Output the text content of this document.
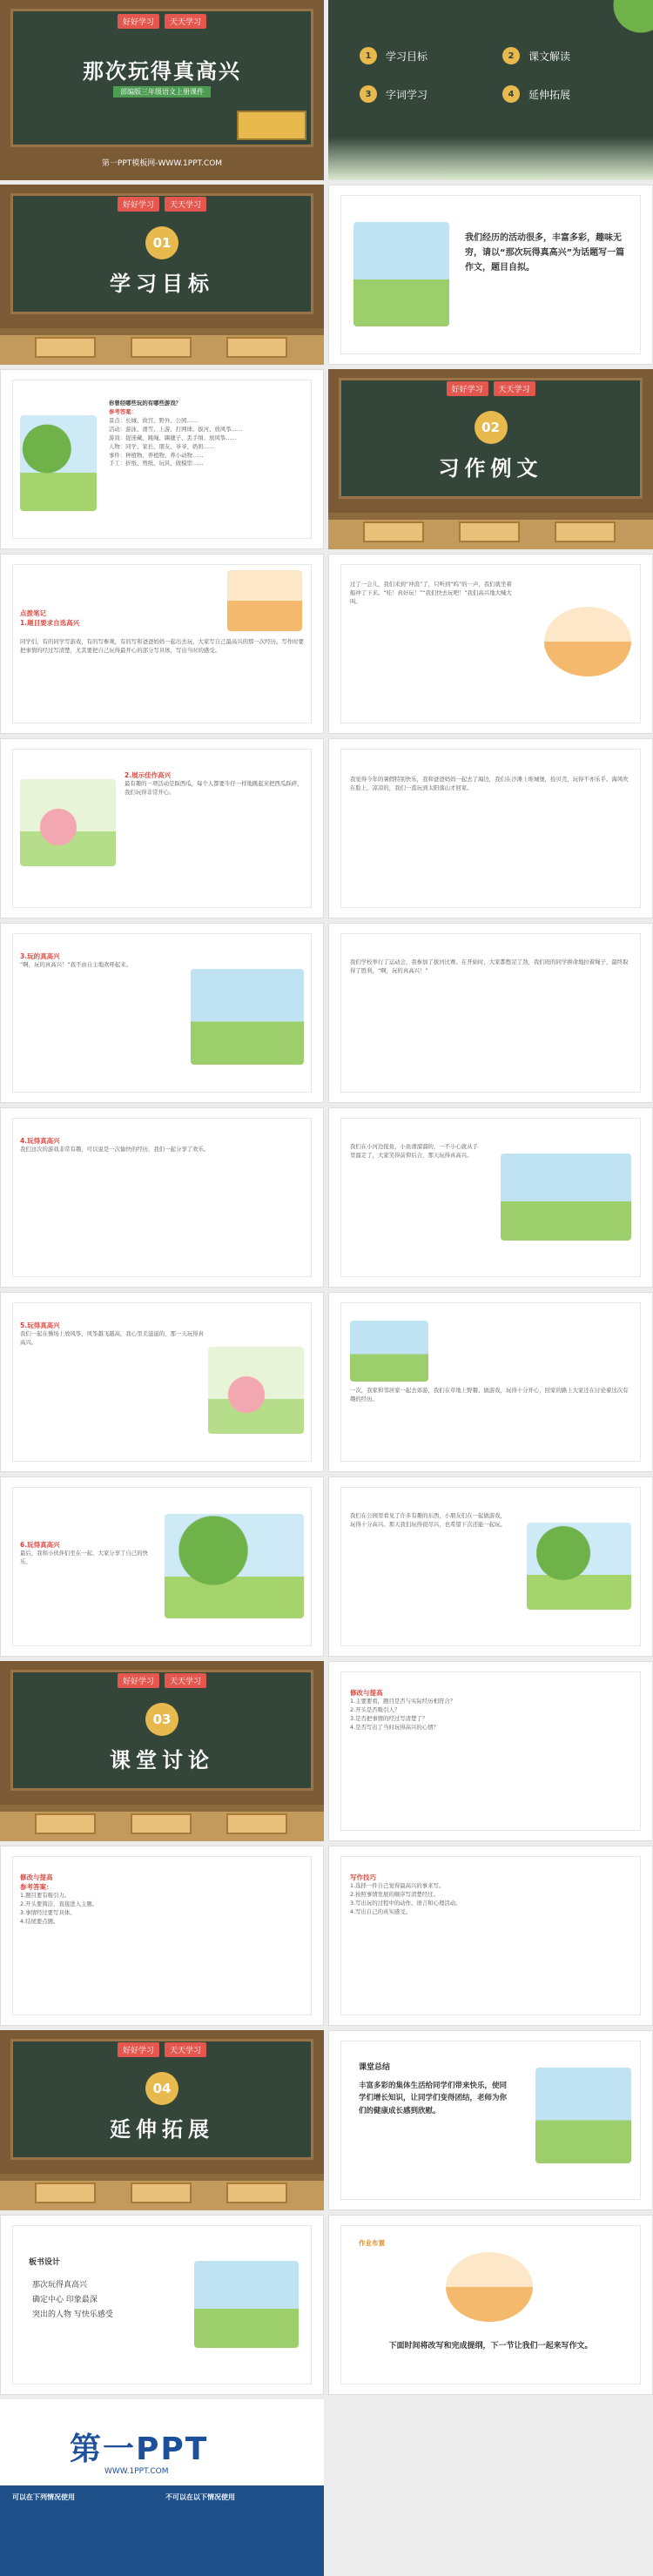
好好学习	天天学习
那次玩得真高兴
部编版三年级语文上册课件
第一PPT模板网-WWW.1PPT.COM
1	学习目标	2	课文解读
3	字词学习	4	延伸拓展
好好学习	天天学习
01
学习目标
我们经历的活动很多，丰富多彩，趣味无穷，请以“那次玩得真高兴”为话题写一篇作文，题目自拟。
你曾经哪些玩的有哪些游戏？
参考答案：
景点：长城、故宫、野外、公园……
活动：游泳、滑雪、上游、打网球、拔河、放风筝……
游戏：捉迷藏、跳绳、踢毽子、丢手绢、放风筝……
人物：同学、家长、朋友、爷爷、奶奶……
事件：种植物、养植物、养小动物……
手工：折纸、剪纸、玩具、做模型……
好好学习	天天学习
02
习作例文
点拨笔记
1.题目要求自选高兴
同学们，有的同学写游戏，有的写参观，有的写和爸爸妈妈一起出去玩，大家写自己最高兴的那一次经历。写作时要把事情的经过写清楚，尤其要把自己玩得最开心的部分写具体，写出当时的感受。
过了一会儿，我们来到“冲浪”了，只听到“呜”的一声，我们就坐着船冲了下来。“哇！真好玩！”“我们快去玩吧！”我们高兴地大喊大叫。
2.展示佳作高兴
最有趣的一项活动是踩西瓜，每个人都要牛仔一样地跳起来把西瓜踩碎，我们玩得非常开心。
我觉得今年的暑假特别快乐，我和爸爸妈妈一起去了海边，我们在沙滩上堆城堡，捡贝壳，玩得不亦乐乎。海风吹在脸上，凉凉的，我们一直玩到太阳落山才回家。
3.玩的真高兴
“啊，玩的真高兴！”我不由自主地欢呼起来。	我们学校举行了运动会，我参加了拔河比赛。在开始时，大家都憋足了劲，我们班的同学拼命地拉着绳子，最终取得了胜利，“啊，玩的真高兴！”
4.玩得真高兴
我们这次的游戏非常有趣，可以说是一次愉快的经历，我们一起分享了欢乐。	我们在小河边捉鱼，小鱼滑溜溜的，一不小心就从手里溜走了，大家笑得前仰后合，那天玩得真高兴。
5.玩得真高兴
我们一起在操场上放风筝，风筝越飞越高，我心里美滋滋的，那一天玩得真高兴。
一次，我家和邻居家一起去郊游，我们在草地上野餐、做游戏，玩得十分开心，回家的路上大家还在讨论着这次有趣的经历。
6.玩得真高兴
最后，我和小伙伴们坐在一起，大家分享了自己的快乐。
我们在公园里看见了许多有趣的东西，小朋友们在一起做游戏，玩得十分高兴。那天我们玩得很尽兴，也希望下次还能一起玩。
好好学习	天天学习
03
课堂讨论
修改与提高
1.主要要看，题目是否与实际经历相符合？
2.开头是否吸引人？
3.是否把事情的经过写清楚了？
4.是否写出了当时玩得高兴的心情？
修改与提高
参考答案：
1.题目要有吸引力。
2.开头要简洁，直接进入主题。
3.事情经过要写具体。
4.结尾要点题。
写作技巧
1.选择一件自己觉得最高兴的事来写。
2.按照事情发展的顺序写清楚经过。
3.写出玩的过程中的动作、语言和心理活动。
4.写出自己的真实感受。
好好学习	天天学习
04
延伸拓展
课堂总结
丰富多彩的集体生活给同学们带来快乐，使同学们增长知识，让同学们变得团结，老师为你们的健康成长感到欣慰。
板书设计
那次玩得真高兴
确定中心 印象最深
突出的人物 写快乐感受
作业布置
下面时间将改写和完成提纲，下一节让我们一起来写作文。
第一PPT
WWW.1PPT.COM
可以在下列情况使用	不可以在以下情况使用
